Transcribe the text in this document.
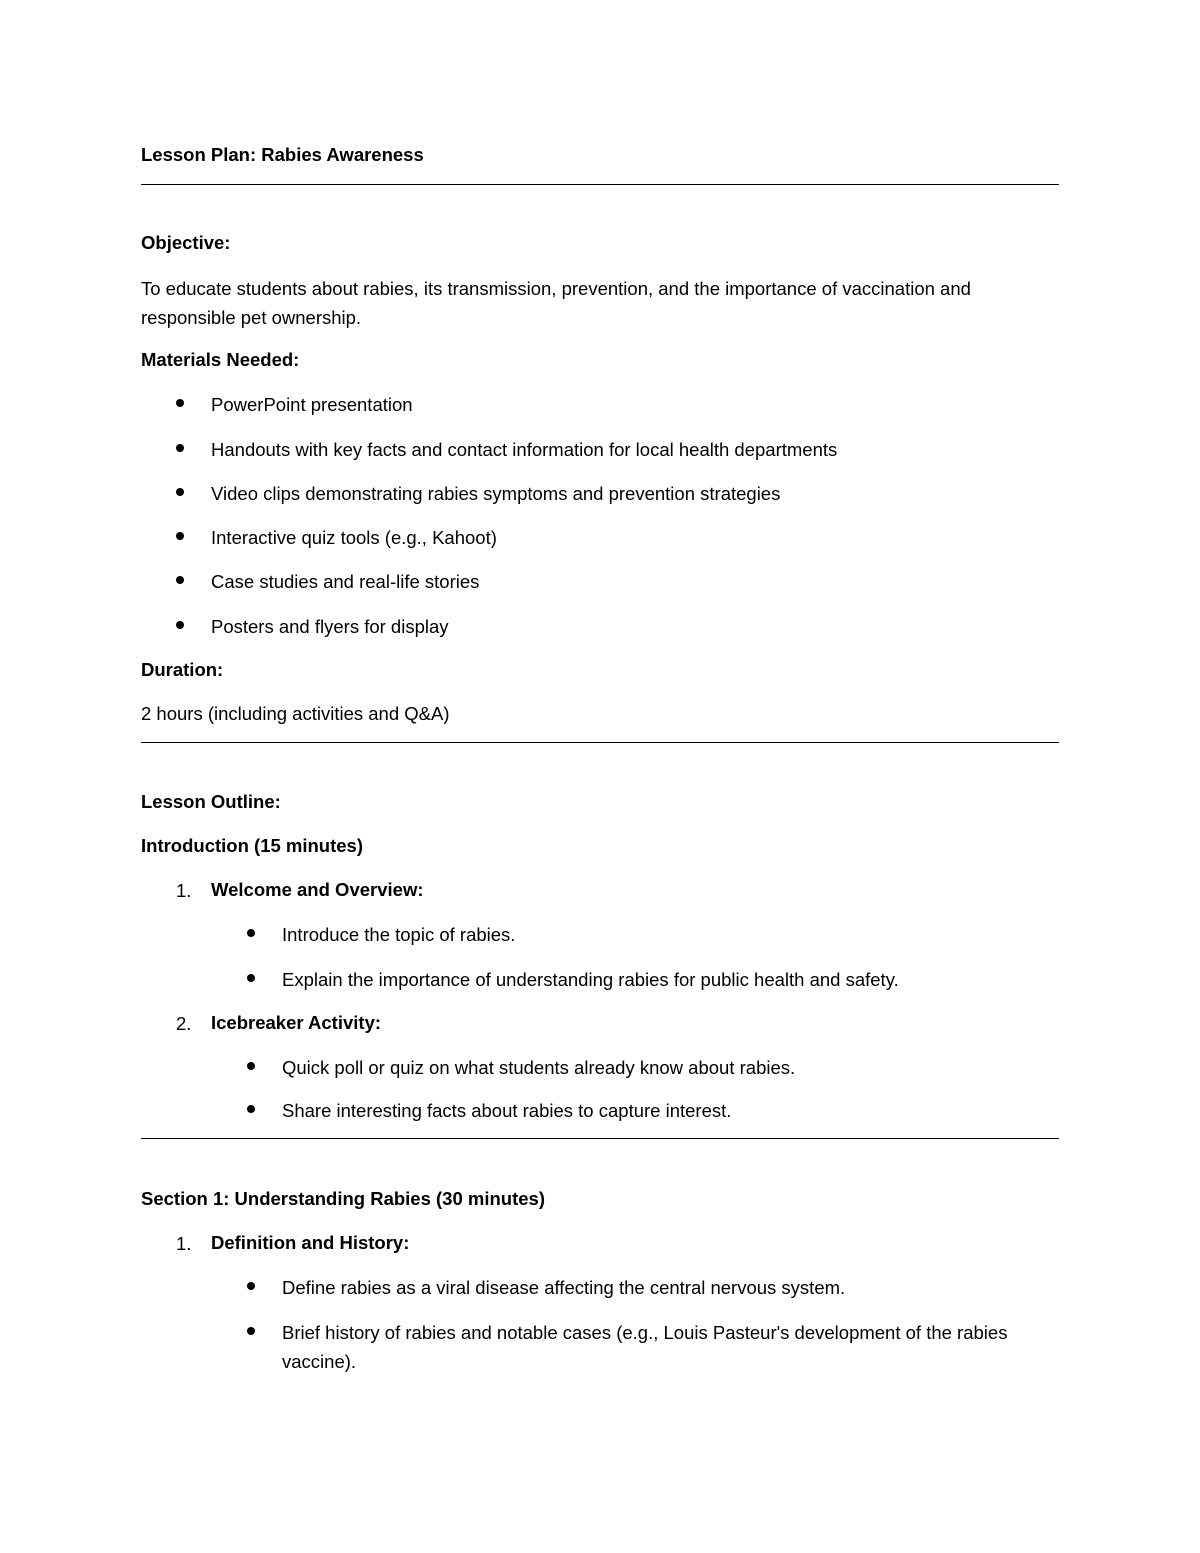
Lesson Plan: Rabies Awareness
Objective:
To educate students about rabies, its transmission, prevention, and the importance of vaccination and
responsible pet ownership.
Materials Needed:
PowerPoint presentation
Handouts with key facts and contact information for local health departments
Video clips demonstrating rabies symptoms and prevention strategies
Interactive quiz tools (e.g., Kahoot)
Case studies and real-life stories
Posters and flyers for display
Duration:
2 hours (including activities and Q&A)
Lesson Outline:
Introduction (15 minutes)
1. Welcome and Overview:
Introduce the topic of rabies.
Explain the importance of understanding rabies for public health and safety.
2. Icebreaker Activity:
Quick poll or quiz on what students already know about rabies.
Share interesting facts about rabies to capture interest.
Section 1: Understanding Rabies (30 minutes)
1. Definition and History:
Define rabies as a viral disease affecting the central nervous system.
Brief history of rabies and notable cases (e.g., Louis Pasteur's development of the rabies
vaccine).
